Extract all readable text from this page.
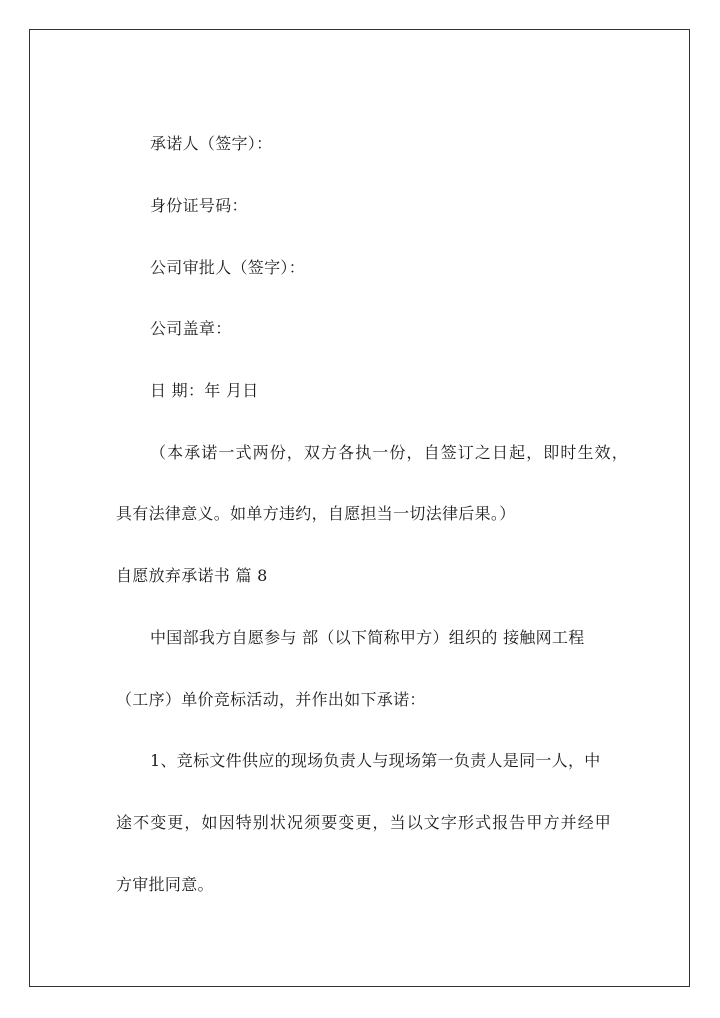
承诺人（签字）：
身份证号码：
公司审批人（签字）：
公司盖章：
日 期：年 月日
（本承诺一式两份，双方各执一份，自签订之日起，即时生效，
具有法律意义。如单方违约，自愿担当一切法律后果。）
自愿放弃承诺书 篇 8
中国部我方自愿参与 部（以下简称甲方）组织的 接触网工程
（工序）单价竞标活动，并作出如下承诺：
1、竞标文件供应的现场负责人与现场第一负责人是同一人，中
途不变更，如因特别状况须要变更，当以文字形式报告甲方并经甲
方审批同意。
